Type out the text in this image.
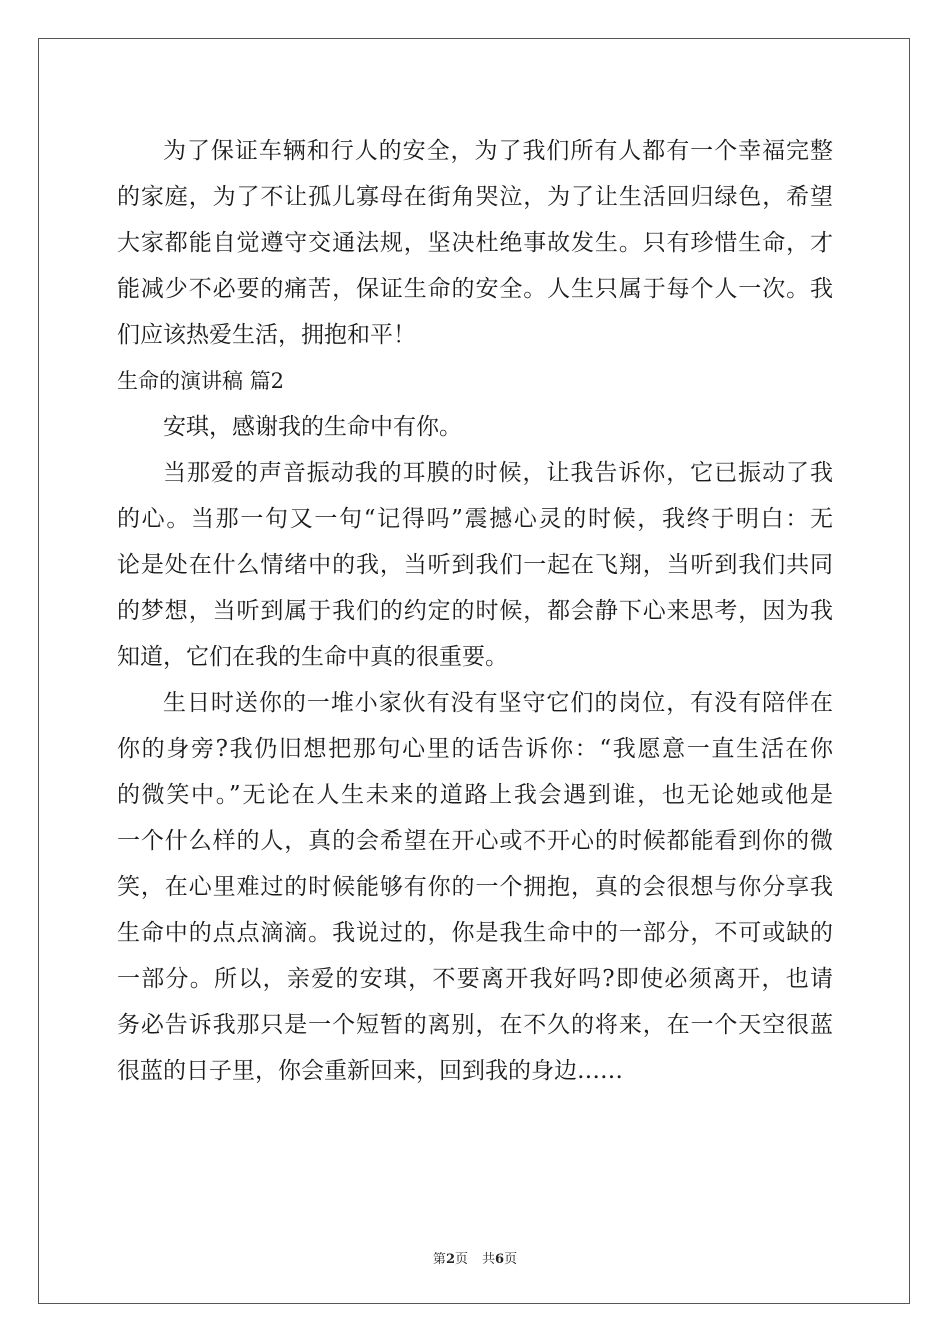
为了保证车辆和行人的安全，为了我们所有人都有一个幸福完整
的家庭，为了不让孤儿寡母在街角哭泣，为了让生活回归绿色，希望
大家都能自觉遵守交通法规，坚决杜绝事故发生。只有珍惜生命，才
能减少不必要的痛苦，保证生命的安全。人生只属于每个人一次。我
们应该热爱生活，拥抱和平！
生命的演讲稿 篇2
安琪，感谢我的生命中有你。
当那爱的声音振动我的耳膜的时候，让我告诉你，它已振动了我
的心。当那一句又一句“记得吗”震撼心灵的时候，我终于明白：无
论是处在什么情绪中的我，当听到我们一起在飞翔，当听到我们共同
的梦想，当听到属于我们的约定的时候，都会静下心来思考，因为我
知道，它们在我的生命中真的很重要。
生日时送你的一堆小家伙有没有坚守它们的岗位，有没有陪伴在
你的身旁?我仍旧想把那句心里的话告诉你：“我愿意一直生活在你
的微笑中。”无论在人生未来的道路上我会遇到谁，也无论她或他是
一个什么样的人，真的会希望在开心或不开心的时候都能看到你的微
笑，在心里难过的时候能够有你的一个拥抱，真的会很想与你分享我
生命中的点点滴滴。我说过的，你是我生命中的一部分，不可或缺的
一部分。所以，亲爱的安琪，不要离开我好吗?即使必须离开，也请
务必告诉我那只是一个短暂的离别，在不久的将来，在一个天空很蓝
很蓝的日子里，你会重新回来，回到我的身边……
第2页 共6页
